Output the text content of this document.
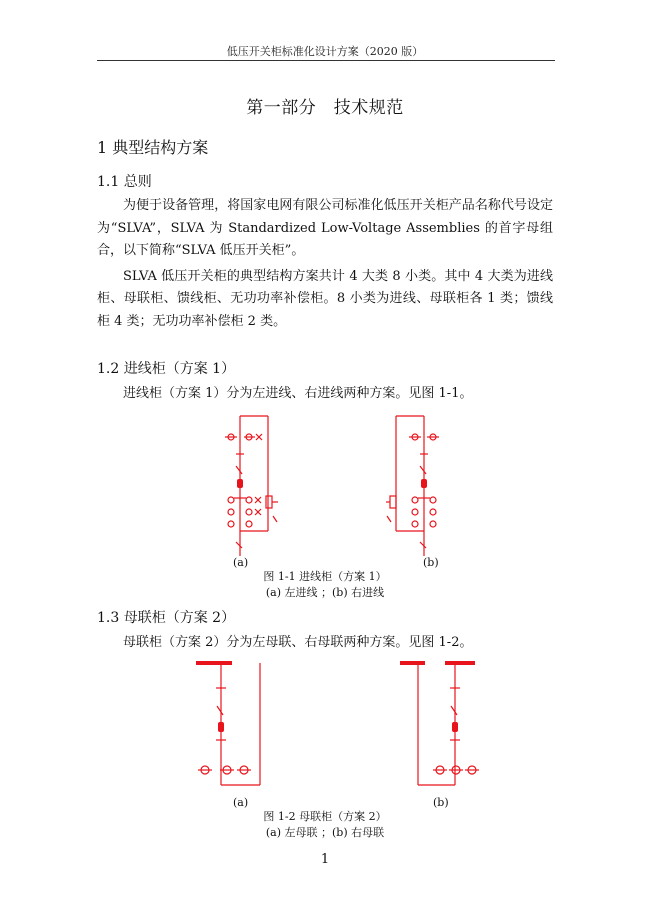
低压开关柜标准化设计方案（2020 版）
第一部分　技术规范
1 典型结构方案
1.1 总则

为便于设备管理，将国家电网有限公司标准化低压开关柜产品名称代号设定为“SLVA”，SLVA 为 Standardized Low-Voltage Assemblies 的首字母组合，以下简称“SLVA 低压开关柜”。

SLVA 低压开关柜的典型结构方案共计 4 大类 8 小类。其中 4 大类为进线柜、母联柜、馈线柜、无功功率补偿柜。8 小类为进线、母联柜各 1 类；馈线柜 4 类；无功功率补偿柜 2 类。

1.2 进线柜（方案 1）

进线柜（方案 1）分为左进线、右进线两种方案。见图 1-1。

(a)	(b)
图 1-1 进线柜（方案 1）
(a) 左进线 ；(b) 右进线
1.3 母联柜（方案 2）

母联柜（方案 2）分为左母联、右母联两种方案。见图 1-2。

(a)	(b)
图 1-2 母联柜（方案 2）
(a) 左母联 ；(b) 右母联
1
